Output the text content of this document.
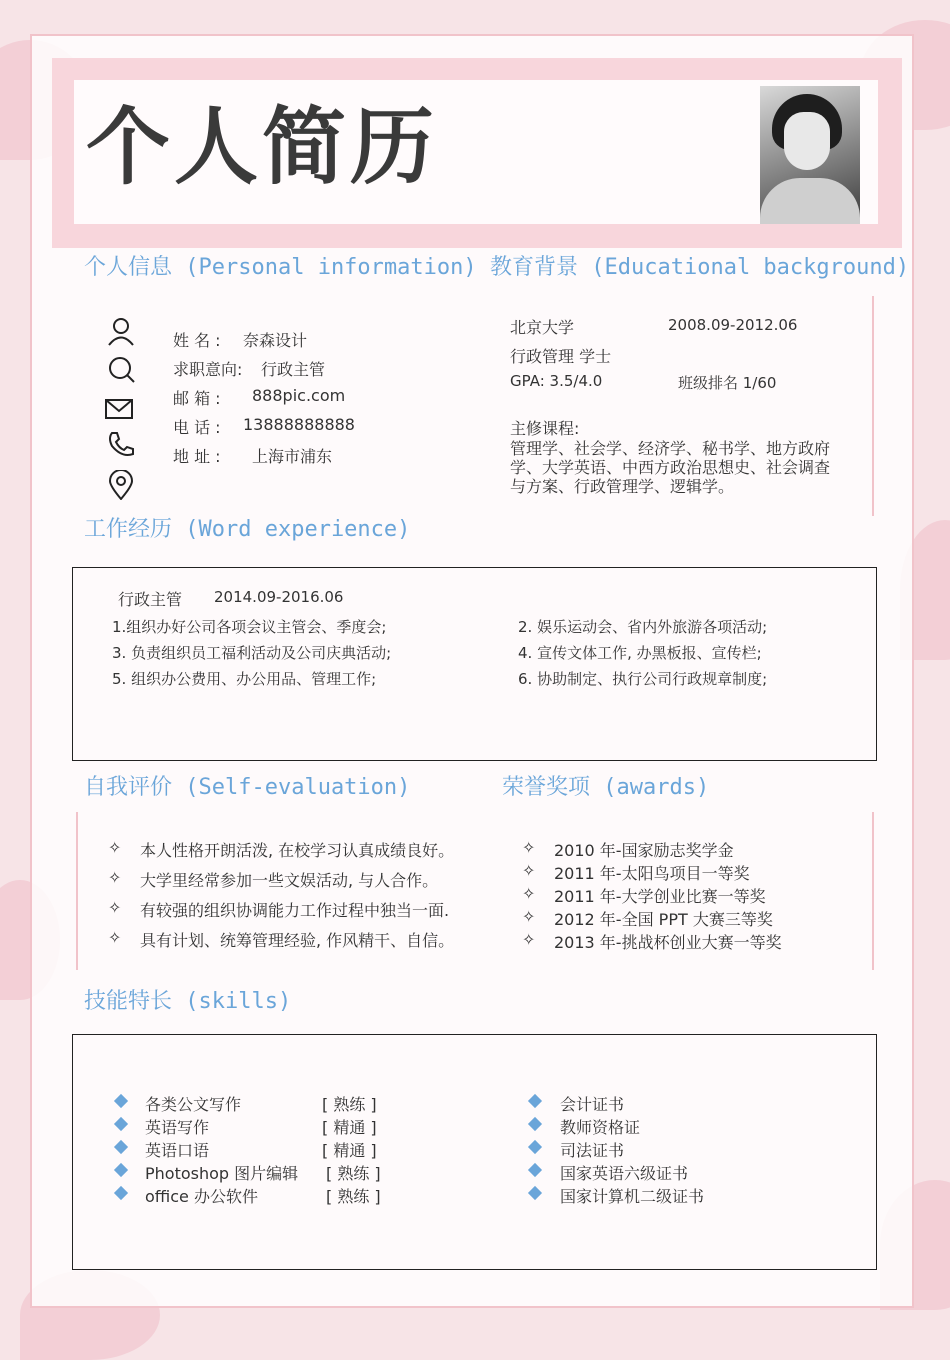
个人简历
个人信息 (Personal information)
姓 名 : 奈森设计
求职意向: 行政主管
邮 箱 : 888pic.com
电 话 : 13888888888
地 址 : 上海市浦东
教育背景 (Educational background)
北京大学	2008.09-2012.06
行政管理 学士
GPA: 3.5/4.0	班级排名 1/60
主修课程:
管理学、社会学、经济学、秘书学、地方政府
学、大学英语、中西方政治思想史、社会调查
与方案、行政管理学、逻辑学。
工作经历 (Word experience)
行政主管 2014.09-2016.06
1.组织办好公司各项会议主管会、季度会;
3. 负责组织员工福利活动及公司庆典活动;
5. 组织办公费用、办公用品、管理工作;
2. 娱乐运动会、省内外旅游各项活动;
4. 宣传文体工作, 办黑板报、宣传栏;
6. 协助制定、执行公司行政规章制度;
自我评价 (Self-evaluation)
✧
✧
✧
✧
本人性格开朗活泼, 在校学习认真成绩良好。
大学里经常参加一些文娱活动, 与人合作。
有较强的组织协调能力工作过程中独当一面.
具有计划、统筹管理经验, 作风精干、自信。
荣誉奖项 (awards)
✧
✧
✧
✧
✧
2010 年-国家励志奖学金
2011 年-太阳鸟项目一等奖
2011 年-大学创业比赛一等奖
2012 年-全国 PPT 大赛三等奖
2013 年-挑战杯创业大赛一等奖
技能特长 (skills)
各类公文写作
英语写作
英语口语
Photoshop 图片编辑
office 办公软件
[ 熟练 ]
[ 精通 ]
[ 精通 ]
[ 熟练 ]
[ 熟练 ]
会计证书
教师资格证
司法证书
国家英语六级证书
国家计算机二级证书
